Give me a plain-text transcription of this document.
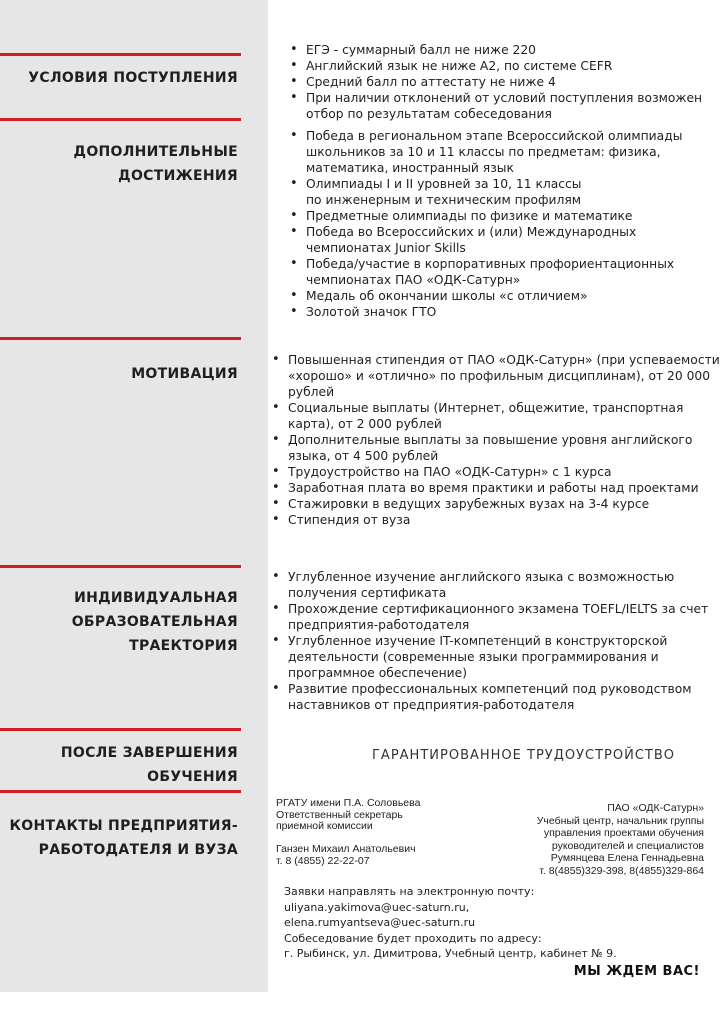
УСЛОВИЯ ПОСТУПЛЕНИЯ
ДОПОЛНИТЕЛЬНЫЕ
ДОСТИЖЕНИЯ
МОТИВАЦИЯ
ИНДИВИДУАЛЬНАЯ
ОБРАЗОВАТЕЛЬНАЯ
ТРАЕКТОРИЯ
ПОСЛЕ ЗАВЕРШЕНИЯ
ОБУЧЕНИЯ
КОНТАКТЫ ПРЕДПРИЯТИЯ-
РАБОТОДАТЕЛЯ И ВУЗА
• ЕГЭ - суммарный балл не ниже 220
• Английский язык не ниже А2, по системе CEFR
• Средний балл по аттестату не ниже 4
• При наличии отклонений от условий поступления возможен
отбор по результатам собеседования
• Победа в региональном этапе Всероссийской олимпиады
школьников за 10 и 11 классы по предметам: физика,
математика, иностранный язык
• Олимпиады I и II уровней за 10, 11 классы
по инженерным и техническим профилям
• Предметные олимпиады по физике и математике
• Победа во Всероссийских и (или) Международных
чемпионатах Junior Skills
• Победа/участие в корпоративных профориентационных
чемпионатах ПАО «ОДК-Сатурн»
• Медаль об окончании школы «с отличием»
• Золотой значок ГТО
• Повышенная стипендия от ПАО «ОДК-Сатурн» (при успеваемости
«хорошо» и «отлично» по профильным дисциплинам), от 20 000
рублей
• Социальные выплаты (Интернет, общежитие, транспортная
карта), от 2 000 рублей
• Дополнительные выплаты за повышение уровня английского
языка, от 4 500 рублей
• Трудоустройство на ПАО «ОДК-Сатурн» с 1 курса
• Заработная плата во время практики и работы над проектами
• Стажировки в ведущих зарубежных вузах на 3-4 курсе
• Стипендия от вуза
• Углубленное изучение английского языка с возможностью
получения сертификата
• Прохождение сертификационного экзамена TOEFL/IELTS за счет
предприятия-работодателя
• Углубленное изучение IT-компетенций в конструкторской
деятельности (современные языки программирования и
программное обеспечение)
• Развитие профессиональных компетенций под руководством
наставников от предприятия-работодателя
ГАРАНТИРОВАННОЕ ТРУДОУСТРОЙСТВО
РГАТУ имени П.А. Соловьева
Ответственный секретарь
приемной комиссии

Ганзен Михаил Анатольевич
т. 8 (4855) 22-22-07
ПАО «ОДК-Сатурн»
Учебный центр, начальник группы
управления проектами обучения
руководителей и специалистов
Румянцева Елена Геннадьевна
т. 8(4855)329-398, 8(4855)329-864
Заявки направлять на электронную почту:
uliyana.yakimova@uec-saturn.ru,
elena.rumyantseva@uec-saturn.ru
Собеседование будет проходить по адресу:
г. Рыбинск, ул. Димитрова, Учебный центр, кабинет № 9.
МЫ ЖДЕМ ВАС!
